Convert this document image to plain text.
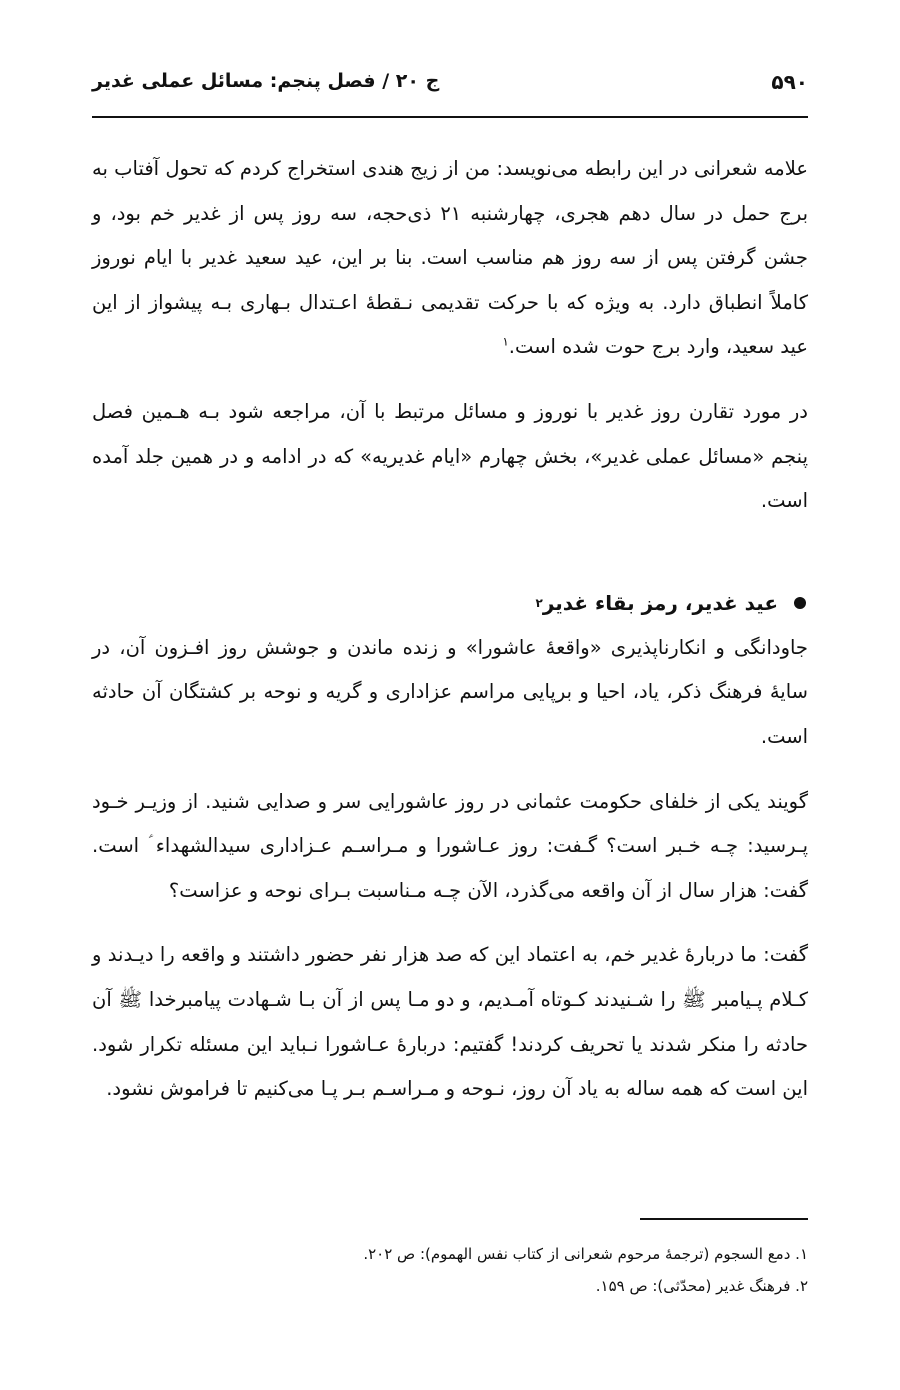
۵۹۰
ج ۲۰ / فصل پنجم: مسائل عملی غدیر

علامه شعرانی در این رابطه می‌نویسد: من از زیج هندی استخراج کردم که تحول آفتاب به برج حمل در سال دهم هجری، چهارشنبه ۲۱ ذی‌حجه، سه روز پس از غدیر خم بود، و جشن گرفتن پس از سه روز هم مناسب است. بنا بر این، عید سعید غدیر با ایام نوروز کاملاً انطباق دارد. به ویژه که با حرکت تقدیمی نـقطهٔ اعـتدال بـهاری بـه پیشواز از این عید سعید، وارد برج حوت شده است.$^۱$

در مورد تقارن روز غدیر با نوروز و مسائل مرتبط با آن، مراجعه شود بـه هـمین فصل پنجم «مسائل عملی غدیر»، بخش چهارم «ایام غدیریه» که در ادامه و در همین جلد آمده است.

عید غدیر، رمز بقاء غدیر
۲

جاودانگی و انکارناپذیری «واقعهٔ عاشورا» و زنده ماندن و جوشش روز افـزون آن، در سایهٔ فرهنگ ذکر، یاد، احیا و برپایی مراسم عزاداری و گریه و نوحه بر کشتگان آن حادثه است.

گویند یکی از خلفای حکومت عثمانی در روز عاشورایی سر و صدایی شنید. از وزیـر خـود پـرسید: چـه خـبر است؟ گـفت: روز عـاشورا و مـراسـم عـزاداری سیدالشهداء ؑ است. گفت: هزار سال از آن واقعه می‌گذرد، الآن چـه مـناسبت بـرای نوحه و عزاست؟

گفت: ما دربارهٔ غدیر خم، به اعتماد این که صد هزار نفر حضور داشتند و واقعه را دیـدند و کـلام پـیامبر ﷺ را شـنیدند کـوتاه آمـدیم، و دو مـا پس از آن بـا شـهادت پیامبرخدا ﷺ آن حادثه را منکر شدند یا تحریف کردند! گفتیم: دربارهٔ عـاشورا نـباید این مسئله تکرار شود. این است که همه ساله به یاد آن روز، نـوحه و مـراسـم بـر پـا می‌کنیم تا فراموش نشود.

۱. دمع السجوم (ترجمهٔ مرحوم شعرانی از کتاب نفس الهموم): ص ۲۰۲.

۲. فرهنگ غدیر (محدّثی): ص ۱۵۹.
